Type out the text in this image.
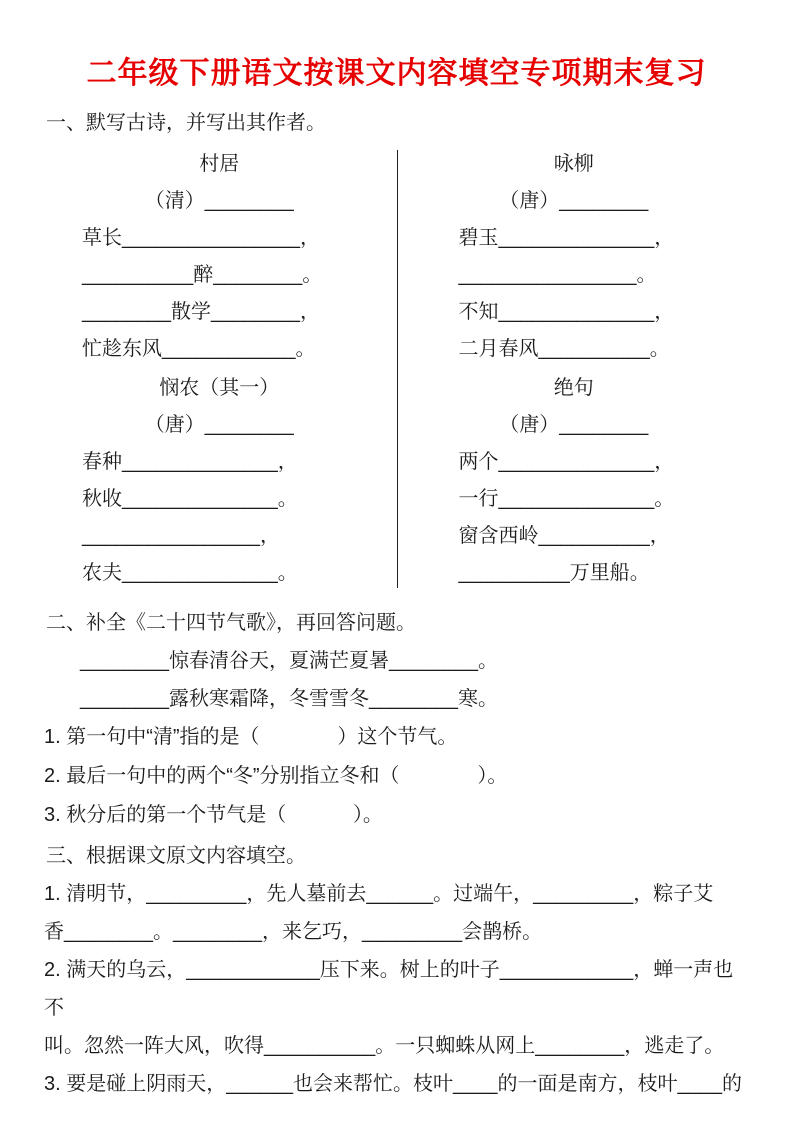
二年级下册语文按课文内容填空专项期末复习
一、默写古诗，并写出其作者。
村居
（清）________
草长________________，
__________醉________。
________散学________，
忙趁东风____________。
悯农（其一）
（唐）________
春种______________，
秋收______________。
________________，
农夫______________。
咏柳
（唐）________
碧玉______________，
________________。
不知______________，
二月春风__________。
绝句
（唐）________
两个______________，
一行______________。
窗含西岭__________，
__________万里船。
二、补全《二十四节气歌》，再回答问题。
________惊春清谷天，夏满芒夏暑________。
________露秋寒霜降，冬雪雪冬________寒。
1. 第一句中“清”指的是（              ）这个节气。
2. 最后一句中的两个“冬”分别指立冬和（              ）。
3. 秋分后的第一个节气是（            ）。
三、根据课文原文内容填空。
1. 清明节，_________，先人墓前去______。过端午，_________，粽子艾
香________。________，来乞巧，_________会鹊桥。
2. 满天的乌云，____________压下来。树上的叶子____________，蝉一声也不
叫。忽然一阵大风，吹得__________。一只蜘蛛从网上________，逃走了。
3. 要是碰上阴雨天，______也会来帮忙。枝叶____的一面是南方，枝叶____的
